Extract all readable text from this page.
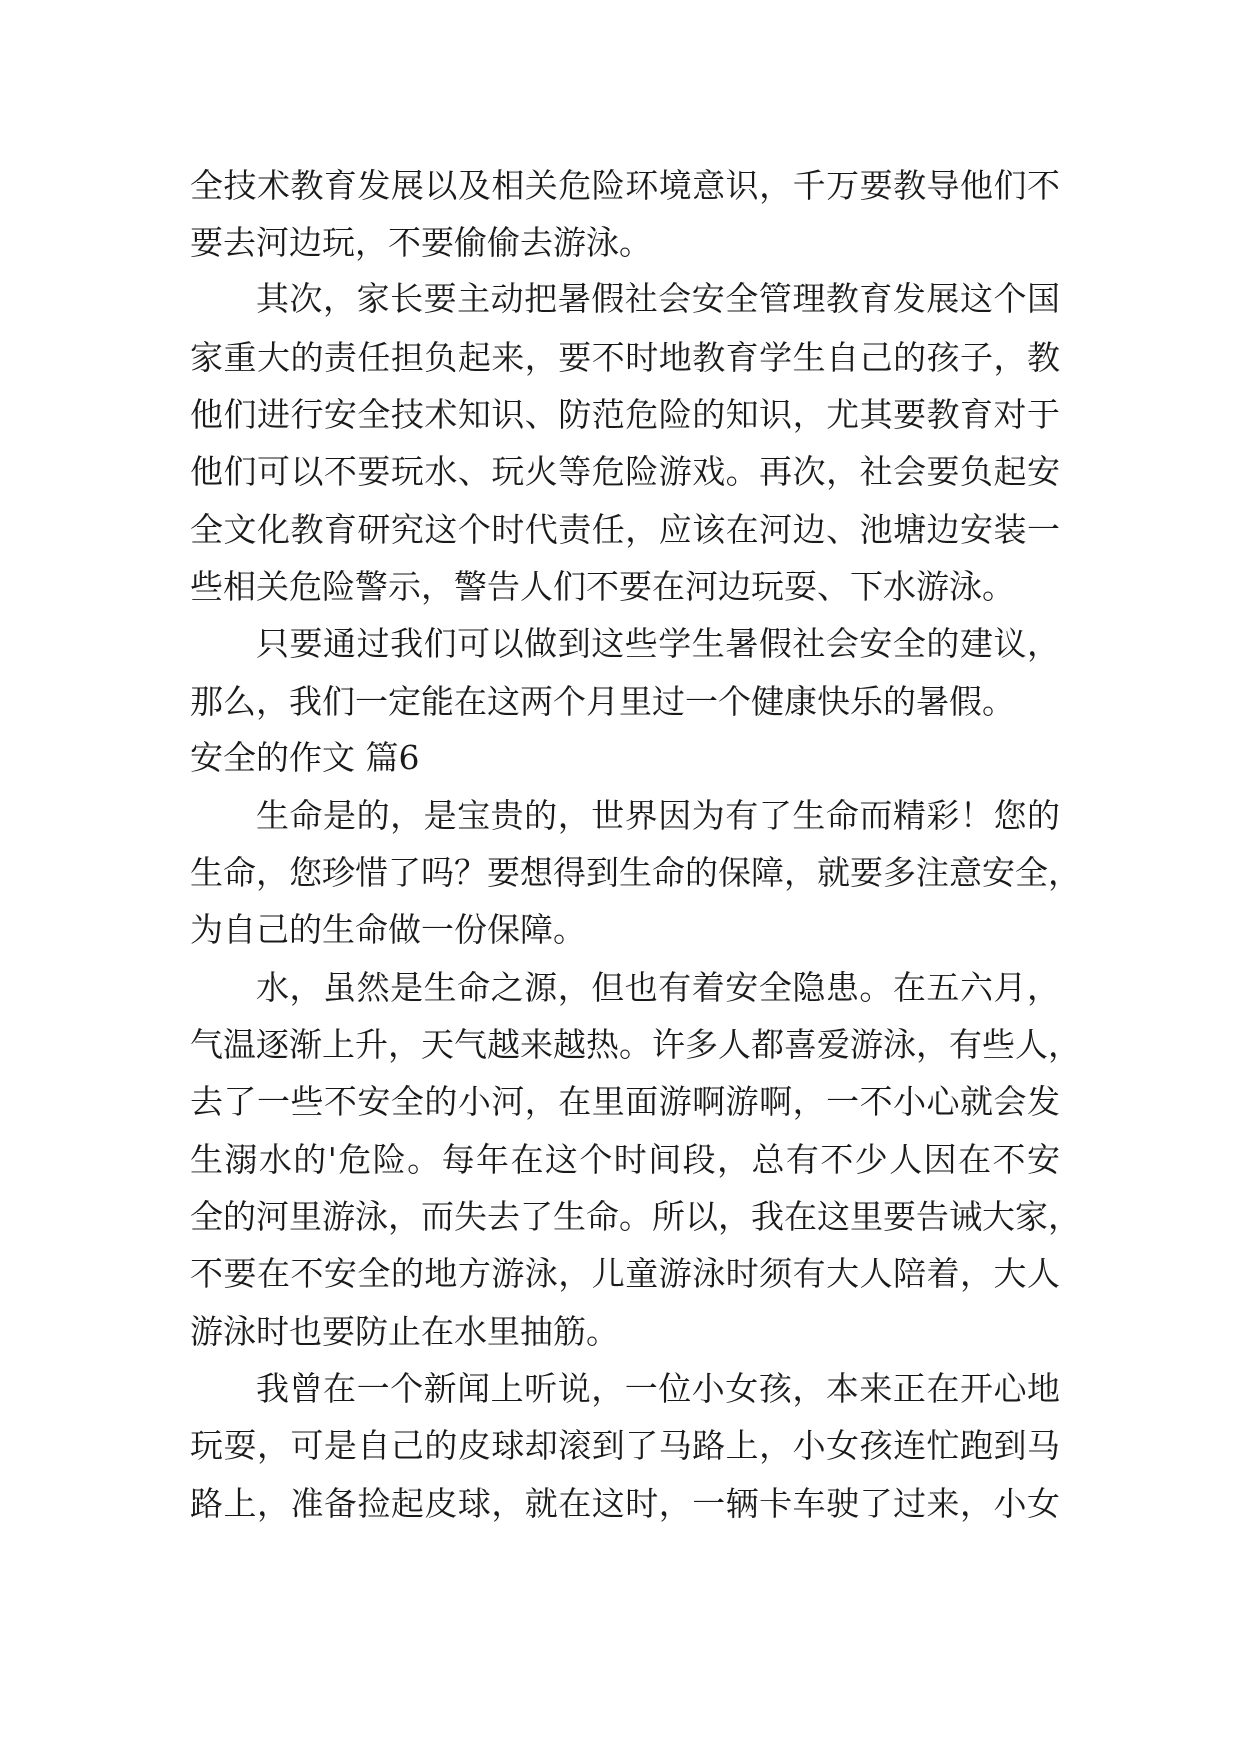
全技术教育发展以及相关危险环境意识，千万要教导他们不
要去河边玩，不要偷偷去游泳。
其次，家长要主动把暑假社会安全管理教育发展这个国
家重大的责任担负起来，要不时地教育学生自己的孩子，教
他们进行安全技术知识、防范危险的知识，尤其要教育对于
他们可以不要玩水、玩火等危险游戏。再次，社会要负起安
全文化教育研究这个时代责任，应该在河边、池塘边安装一
些相关危险警示，警告人们不要在河边玩耍、下水游泳。
只要通过我们可以做到这些学生暑假社会安全的建议，
那么，我们一定能在这两个月里过一个健康快乐的暑假。
安全的作文 篇6
生命是的，是宝贵的，世界因为有了生命而精彩！您的
生命，您珍惜了吗？要想得到生命的保障，就要多注意安全，
为自己的生命做一份保障。
水，虽然是生命之源，但也有着安全隐患。在五六月，
气温逐渐上升，天气越来越热。许多人都喜爱游泳，有些人，
去了一些不安全的小河，在里面游啊游啊，一不小心就会发
生溺水的'危险。每年在这个时间段，总有不少人因在不安
全的河里游泳，而失去了生命。所以，我在这里要告诫大家，
不要在不安全的地方游泳，儿童游泳时须有大人陪着，大人
游泳时也要防止在水里抽筋。
我曾在一个新闻上听说，一位小女孩，本来正在开心地
玩耍，可是自己的皮球却滚到了马路上，小女孩连忙跑到马
路上，准备捡起皮球，就在这时，一辆卡车驶了过来，小女
